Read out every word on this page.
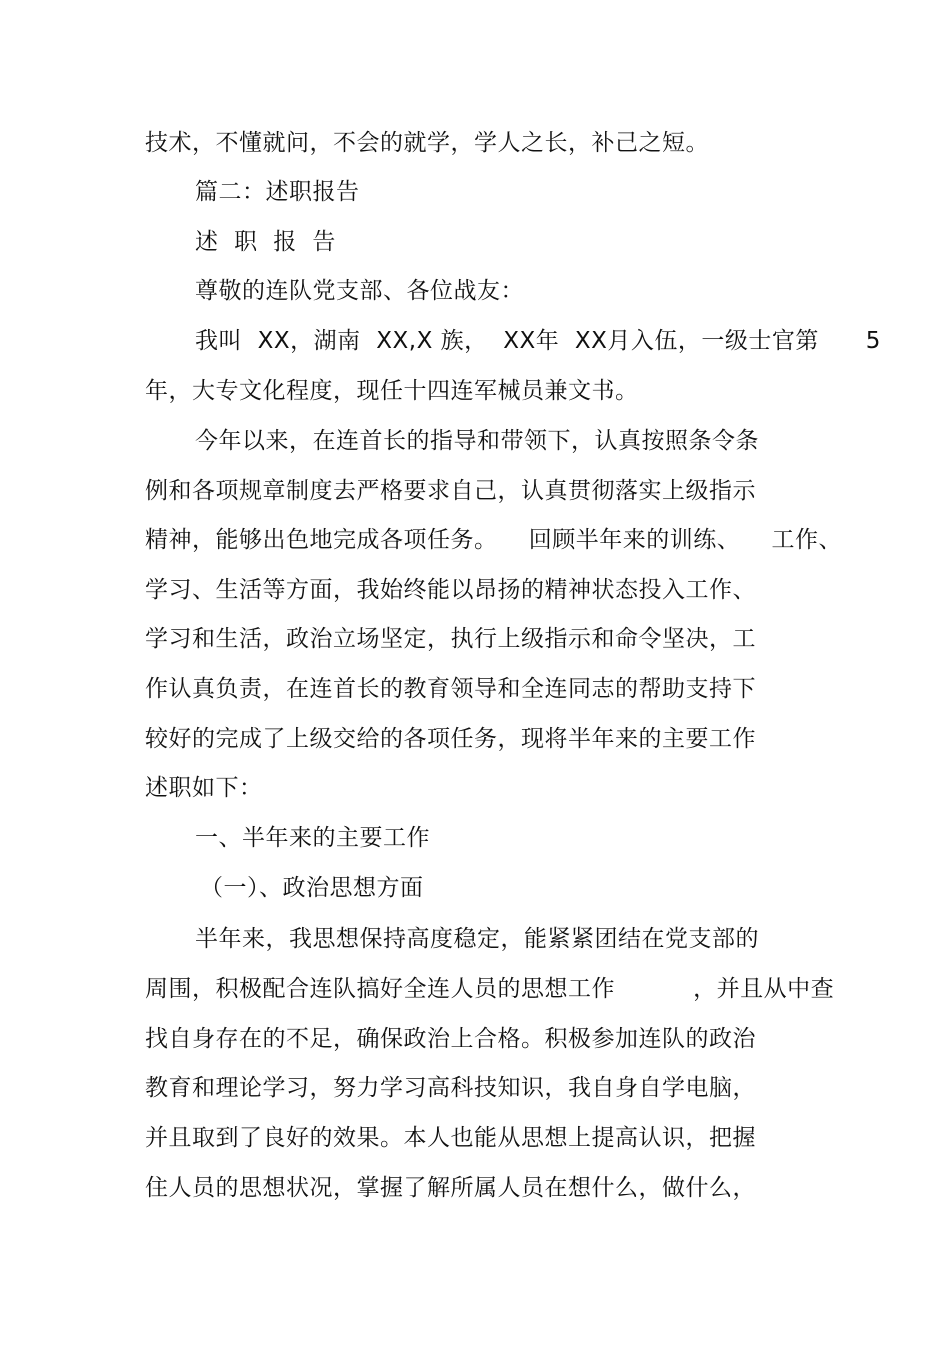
技术，不懂就问，不会的就学，学人之长，补己之短。
篇二：述职报告
述  职  报  告
尊敬的连队党支部、各位战友：
我叫  XX，湖南  XX,X 族，  XX年  XX月入伍，一级士官第      5
年，大专文化程度，现任十四连军械员兼文书。
今年以来，在连首长的指导和带领下，认真按照条令条
例和各项规章制度去严格要求自己，认真贯彻落实上级指示
精神，能够出色地完成各项任务。    回顾半年来的训练、    工作、
学习、生活等方面，我始终能以昂扬的精神状态投入工作、
学习和生活，政治立场坚定，执行上级指示和命令坚决，工
作认真负责，在连首长的教育领导和全连同志的帮助支持下
较好的完成了上级交给的各项任务，现将半年来的主要工作
述职如下：
一、半年来的主要工作
（一）、政治思想方面
半年来，我思想保持高度稳定，能紧紧团结在党支部的
周围，积极配合连队搞好全连人员的思想工作          ，并且从中查
找自身存在的不足，确保政治上合格。积极参加连队的政治
教育和理论学习，努力学习高科技知识，我自身自学电脑，
并且取到了良好的效果。本人也能从思想上提高认识，把握
住人员的思想状况，掌握了解所属人员在想什么，做什么，
